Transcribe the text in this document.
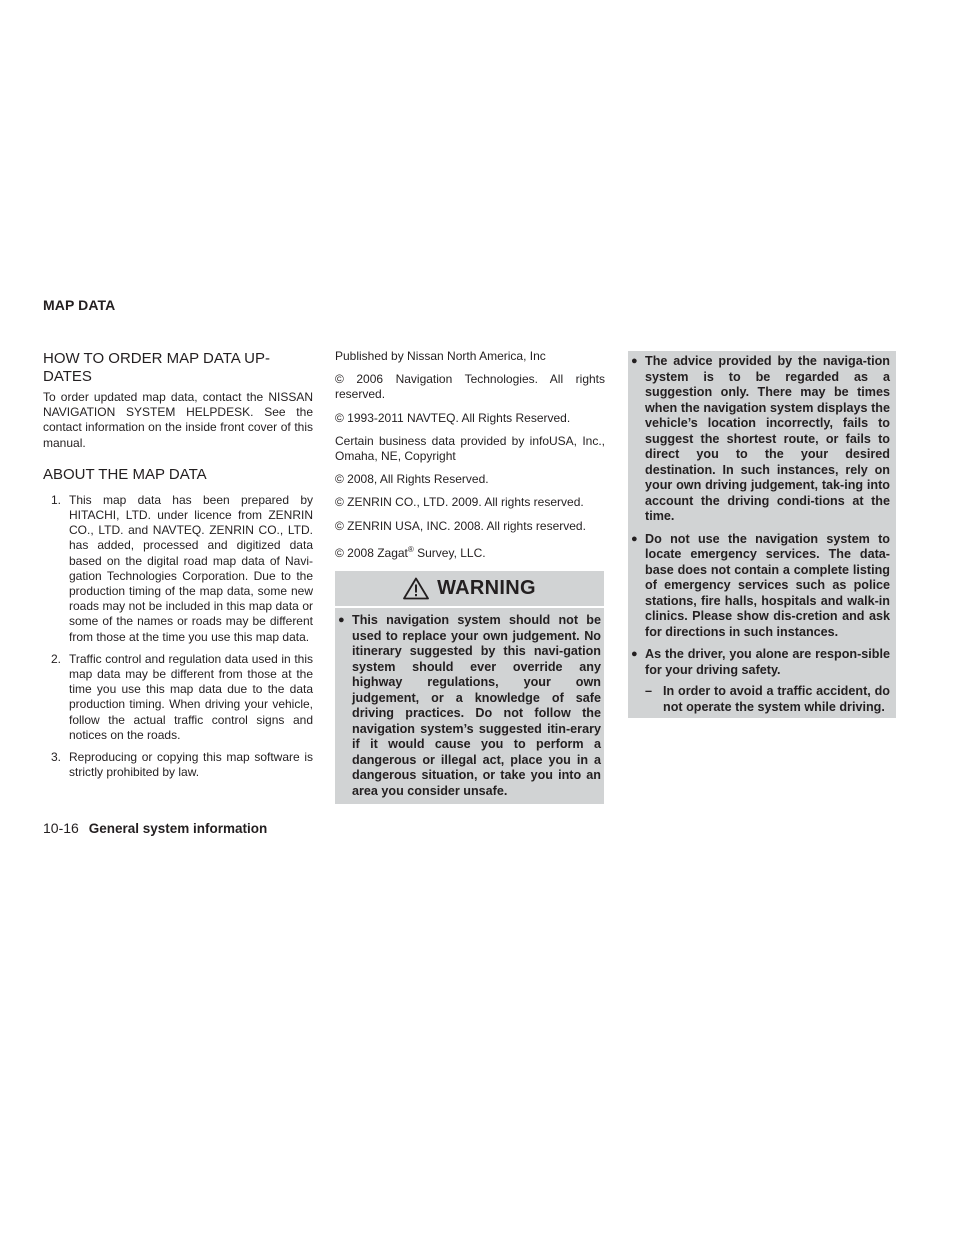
MAP DATA
HOW TO ORDER MAP DATA UP-DATES

To order updated map data, contact the NISSAN NAVIGATION SYSTEM HELPDESK. See the contact information on the inside front cover of this manual.

ABOUT THE MAP DATA
1. This map data has been prepared by HITACHI, LTD. under licence from ZENRIN CO., LTD. and NAVTEQ. ZENRIN CO., LTD. has added, processed and digitized data based on the digital road map data of Navi-gation Technologies Corporation. Due to the production timing of the map data, some new roads may not be included in this map data or some of the names or roads may be different from those at the time you use this map data.
2. Traffic control and regulation data used in this map data may be different from those at the time you use this map data due to the data production timing. When driving your vehicle, follow the actual traffic control signs and notices on the roads.
3. Reproducing or copying this map software is strictly prohibited by law.

Published by Nissan North America, Inc

© 2006 Navigation Technologies. All rights reserved.

© 1993-2011 NAVTEQ. All Rights Reserved.

Certain business data provided by infoUSA, Inc., Omaha, NE, Copyright

© 2008, All Rights Reserved.

© ZENRIN CO., LTD. 2009. All rights reserved.

© ZENRIN USA, INC. 2008. All rights reserved.

© 2008 Zagat® Survey, LLC.

WARNING
● This navigation system should not be used to replace your own judgement. No itinerary suggested by this navi-gation system should ever override any highway regulations, your own judgement, or a knowledge of safe driving practices. Do not follow the navigation system’s suggested itin-erary if it would cause you to perform a dangerous or illegal act, place you in a dangerous situation, or take you into an area you consider unsafe.
● The advice provided by the naviga-tion system is to be regarded as a suggestion only. There may be times when the navigation system displays the vehicle’s location incorrectly, fails to suggest the shortest route, or fails to direct you to the your desired destination. In such instances, rely on your own driving judgement, tak-ing into account the driving condi-tions at the time.
● Do not use the navigation system to locate emergency services. The data-base does not contain a complete listing of emergency services such as police stations, fire halls, hospitals and walk-in clinics. Please show dis-cretion and ask for directions in such instances.
● As the driver, you alone are respon-sible for your driving safety.
– In order to avoid a traffic accident, do not operate the system while driving.
10-16 General system information
